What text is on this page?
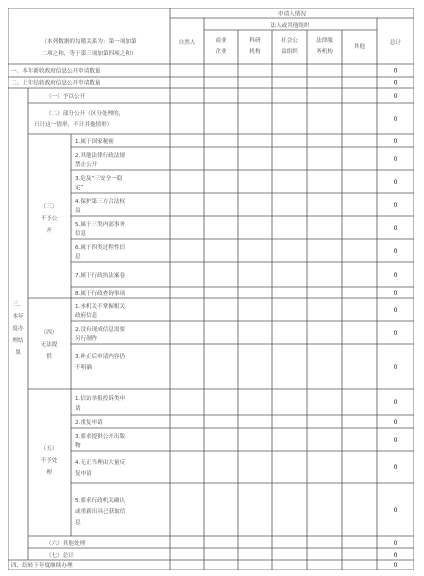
（本列数据的勾稽关系为：第一项加第
二项之和，等于第三项加第四项之和）
申请人情况
法人或其他组织
自然人	商业
企业
科研
机构
社会公
益组织
法律服
务机构
其他
总计
一、本年新收政府信息公开申请数量
二、上年结转政府信息公开申请数量
三、
本年
度办
理结
果
四、结转下年度继续办理
（一）予以公开
（二）部分公开（区分处理的，
只计这一情形，不计其他情形）
（三）
不予公
开
（四）
无法提
供
（五）
不予处
理
（六）其他处理
（七）总计
1.属于国家秘密
2.其他法律行政法规
禁止公开
3.危及“三安全一稳
定”
4.保护第三方合法权
益
5.属于三类内部事务
信息
6.属于四类过程性信
息
7.属于行政执法案卷
8.属于行政查询事项
1.本机关不掌握相关
政府信息
2.没有现成信息需要
另行制作
3.补正后申请内容仍
不明确
1.信访举报投诉类申
请
2.重复申请
3.要求提供公开出版
物
4.无正当理由大量反
复申请
5.要求行政机关确认
或重新出具已获取信
息
0
0
0
0
0
0
0
0
0
0
0
0
0
0
0
0
0
0
0
0
0
0
0
